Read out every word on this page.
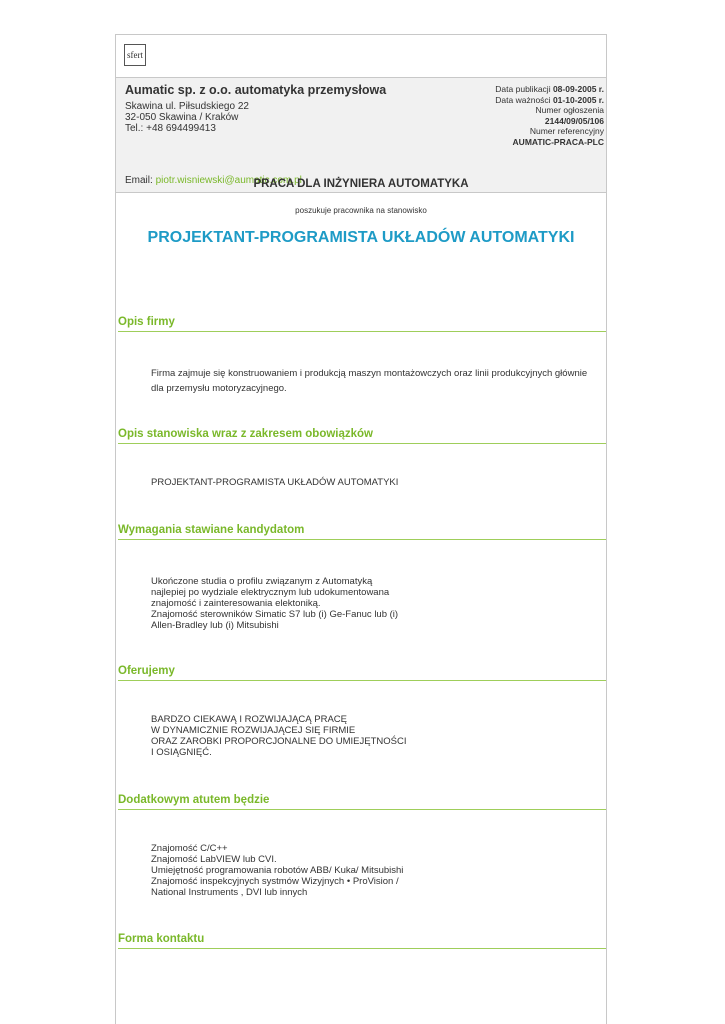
sfert
Aumatic sp. z o.o. automatyka przemysłowa
Skawina ul. Piłsudskiego 22
32-050 Skawina / Kraków
Tel.: +48 694499413
Email: piotr.wisniewski@aumatic.com.pl
Data publikacji 08-09-2005 r.
Data ważności 01-10-2005 r.
Numer ogłoszenia
2144/09/05/106
Numer referencyjny
AUMATIC-PRACA-PLC
PRACA DLA INŻYNIERA AUTOMATYKA
poszukuje pracownika na stanowisko
PROJEKTANT-PROGRAMISTA UKŁADÓW AUTOMATYKI
Opis firmy

Firma zajmuje się konstruowaniem i produkcją maszyn montażowczych oraz linii produkcyjnych głównie

dla przemysłu motoryzacyjnego.

Opis stanowiska wraz z zakresem obowiązków

PROJEKTANT-PROGRAMISTA UKŁADÓW AUTOMATYKI

Wymagania stawiane kandydatom

Ukończone studia o profilu związanym z Automatyką

najlepiej po wydziale elektrycznym lub udokumentowana

znajomość i zainteresowania elektoniką.

Znajomość sterowników Simatic S7 lub (i) Ge-Fanuc lub (i)

Allen-Bradley lub (i) Mitsubishi

Oferujemy

BARDZO CIEKAWĄ I ROZWIJAJĄCĄ PRACĘ

W DYNAMICZNIE ROZWIJAJĄCEJ SIĘ FIRMIE

ORAZ ZAROBKI PROPORCJONALNE DO UMIEJĘTNOŚCI

I OSIĄGNIĘĆ.

Dodatkowym atutem będzie

Znajomość C/C++

Znajomość LabVIEW lub CVI.

Umiejętność programowania robotów ABB/ Kuka/ Mitsubishi

Znajomość inspekcyjnych systmów Wizyjnych • ProVision /

National Instruments , DVI lub innych

Forma kontaktu
